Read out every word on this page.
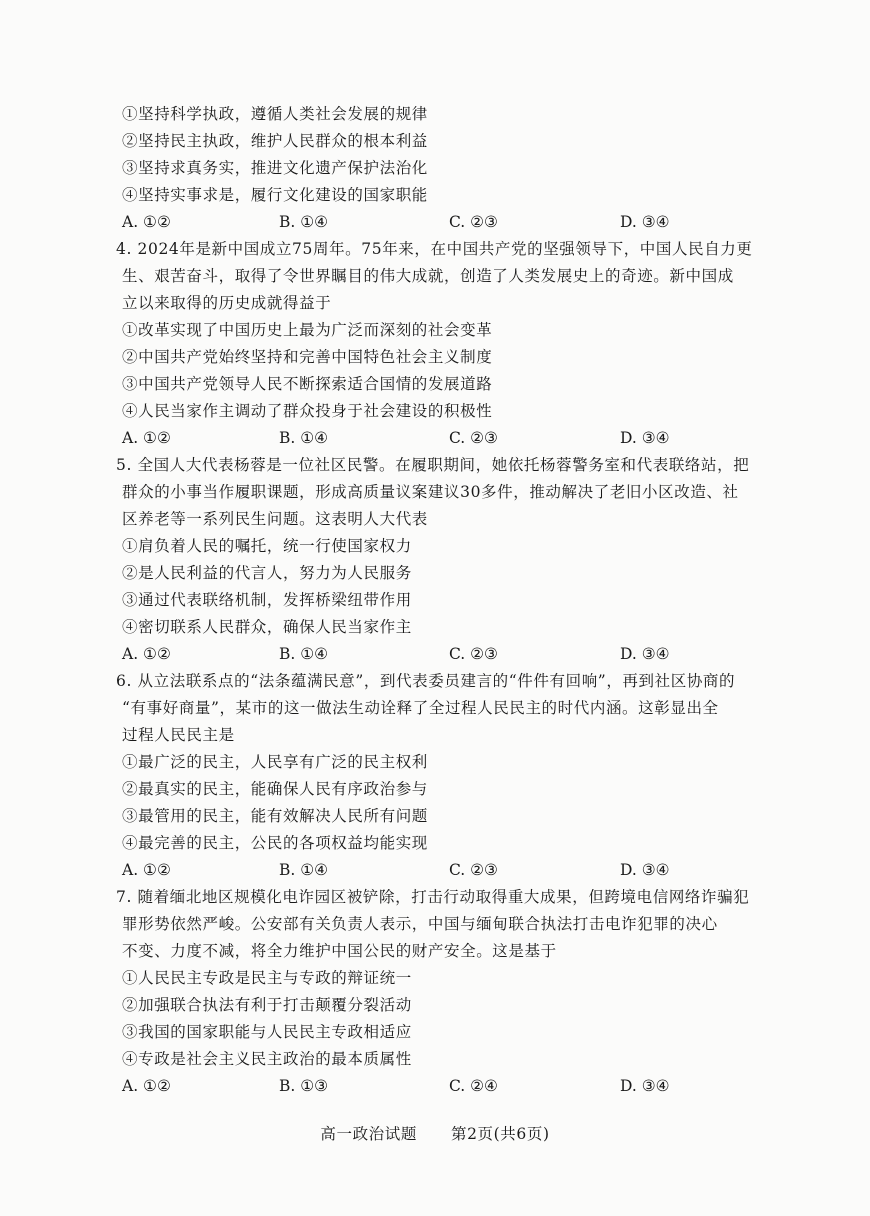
①坚持科学执政，遵循人类社会发展的规律
②坚持民主执政，维护人民群众的根本利益
③坚持求真务实，推进文化遗产保护法治化
④坚持实事求是，履行文化建设的国家职能
A. ①②	B. ①④	C. ②③	D. ③④
4. 2024年是新中国成立75周年。75年来，在中国共产党的坚强领导下，中国人民自力更
生、艰苦奋斗，取得了令世界瞩目的伟大成就，创造了人类发展史上的奇迹。新中国成
立以来取得的历史成就得益于
①改革实现了中国历史上最为广泛而深刻的社会变革
②中国共产党始终坚持和完善中国特色社会主义制度
③中国共产党领导人民不断探索适合国情的发展道路
④人民当家作主调动了群众投身于社会建设的积极性
A. ①②	B. ①④	C. ②③	D. ③④
5. 全国人大代表杨蓉是一位社区民警。在履职期间，她依托杨蓉警务室和代表联络站，把
群众的小事当作履职课题，形成高质量议案建议30多件，推动解决了老旧小区改造、社
区养老等一系列民生问题。这表明人大代表
①肩负着人民的嘱托，统一行使国家权力
②是人民利益的代言人，努力为人民服务
③通过代表联络机制，发挥桥梁纽带作用
④密切联系人民群众，确保人民当家作主
A. ①②	B. ①④	C. ②③	D. ③④
6. 从立法联系点的“法条蕴满民意”，到代表委员建言的“件件有回响”，再到社区协商的
“有事好商量”，某市的这一做法生动诠释了全过程人民民主的时代内涵。这彰显出全
过程人民民主是
①最广泛的民主，人民享有广泛的民主权利
②最真实的民主，能确保人民有序政治参与
③最管用的民主，能有效解决人民所有问题
④最完善的民主，公民的各项权益均能实现
A. ①②	B. ①④	C. ②③	D. ③④
7. 随着缅北地区规模化电诈园区被铲除，打击行动取得重大成果，但跨境电信网络诈骗犯
罪形势依然严峻。公安部有关负责人表示，中国与缅甸联合执法打击电诈犯罪的决心
不变、力度不减，将全力维护中国公民的财产安全。这是基于
①人民民主专政是民主与专政的辩证统一
②加强联合执法有利于打击颠覆分裂活动
③我国的国家职能与人民民主专政相适应
④专政是社会主义民主政治的最本质属性
A. ①②	B. ①③	C. ②④	D. ③④
高一政治试题 第2页(共6页)
